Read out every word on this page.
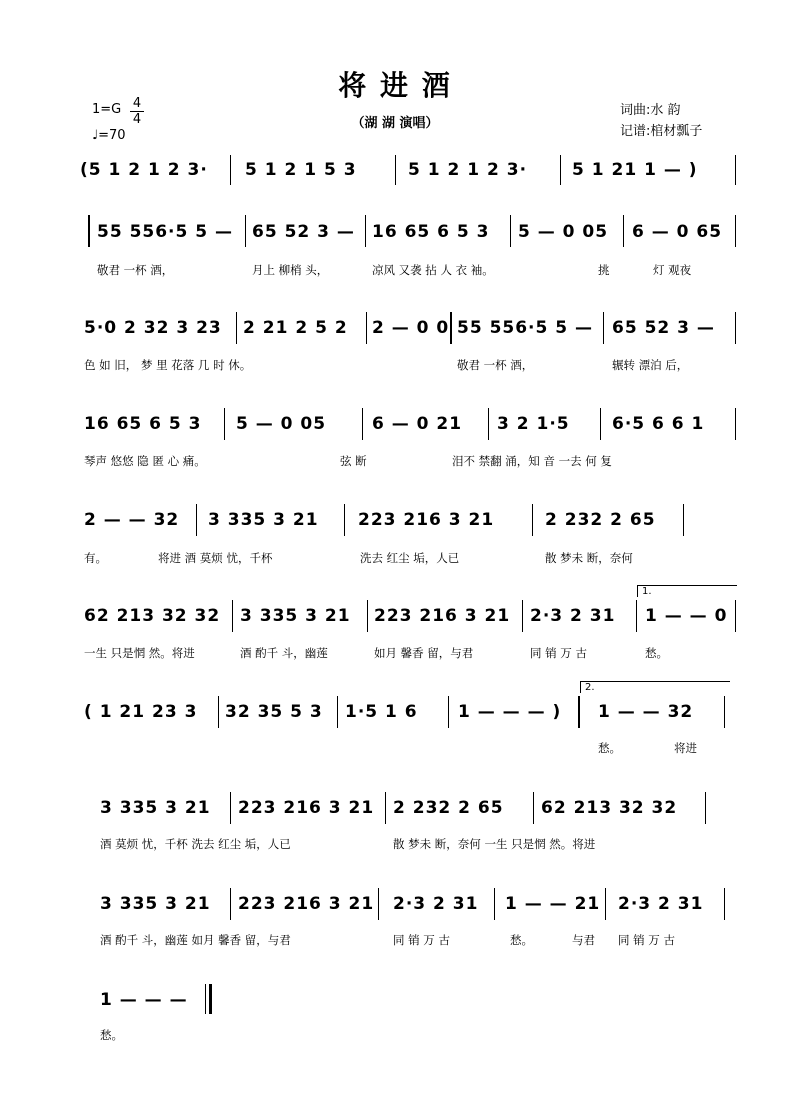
将 进 酒
（湖 湖 演唱）
$1=G \frac{4}{4}$
♩=70
词曲:水 韵
记谱:棺材瓢子
(5 1 2 1 2 3· 5 1 2 1 5 3	5 1 2 1 2 3·	5 1 21 1 — )
55 556·5 5 — 65 52 3 — 16 65 6 5 3 5 — 0 05 6 — 0 65
敬君 一杯 酒，	月上 柳梢 头，	凉风 又袭 拈 人 衣 袖。	挑	灯 观夜
5·0 2 32 3 23 2 21 2 5 2 2 — 0 0 55 556·5 5 — 65 52 3 —
色 如 旧， 梦 里 花落 几 时 休。	敬君 一杯 酒，	辗转 漂泊 后，
16 65 6 5 3 5 — 0 05	6 — 0 21 3 2 1·5 6·5 6 6 1
琴声 悠悠 隐 匿 心 痛。	弦 断	泪不 禁翻 涌，知 音 一去 何 复
2 — — 32 3 335 3 21 223 216 3 21	2 232 2 65
有。	将进 酒 莫烦 忧，千杯	洗去 红尘 垢，人已	散 梦未 断，奈何
1.
62 213 32 32 3 335 3 21 223 216 3 21 2·3 2 31 1 — — 0
一生 只是惘 然。将进	酒 酌千 斗，幽莲	如月 馨香 留，与君	同 销 万 古	愁。
2.
( 1 21 23 3 32 35 5 3 1·5 1 6 1 — — — ) 1 — — 32
愁。	将进
3 335 3 21 223 216 3 21 2 232 2 65 62 213 32 32
酒 莫烦 忧，千杯 洗去 红尘 垢，人已	散 梦未 断，奈何 一生 只是惘 然。将进
3 335 3 21 223 216 3 21 2·3 2 31 1 — — 21 2·3 2 31
酒 酌千 斗，幽莲 如月 馨香 留，与君	同 销 万 古	愁。	与君 同 销 万 古
1 — — —
愁。
